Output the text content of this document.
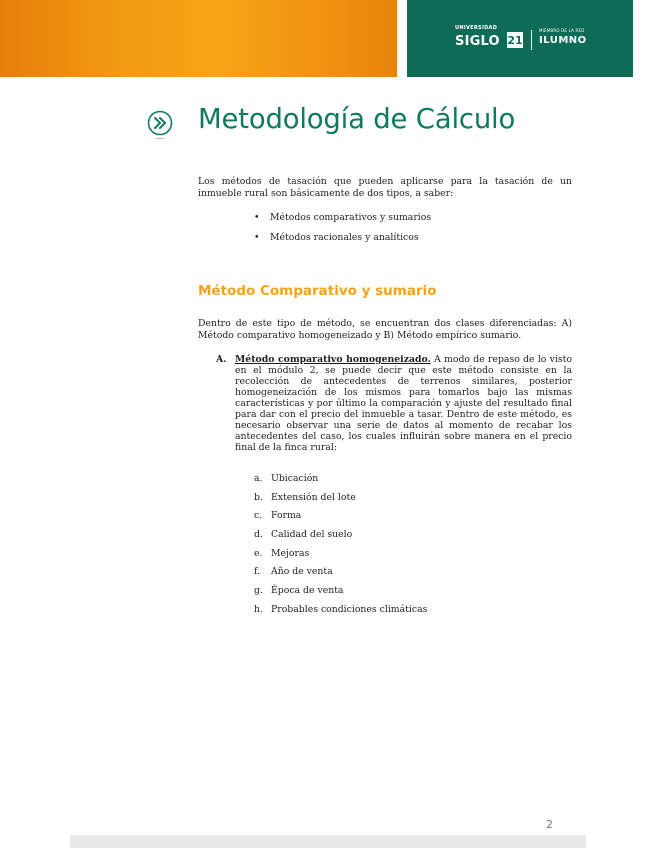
UNIVERSIDAD
SIGLO 21
MIEMBRO DE LA RED
ILUMNO
Metodología de Cálculo
Los métodos de tasación que pueden aplicarse para la tasación de un inmueble rural son básicamente de dos tipos, a saber:
• Métodos comparativos y sumarios
• Métodos racionales y analíticos
Método Comparativo y sumario
Dentro de este tipo de método, se encuentran dos clases diferenciadas: A) Método comparativo homogeneizado y B) Método empírico sumario.
A. Método comparativo homogeneizado. A modo de repaso de lo visto en el módulo 2, se puede decir que este método consiste en la recolección de antecedentes de terrenos similares, posterior homogeneización de los mismos para tomarlos bajo las mismas características y por último la comparación y ajuste del resultado final para dar con el precio del inmueble a tasar. Dentro de este método, es necesario observar una serie de datos al momento de recabar los antecedentes del caso, los cuales influirán sobre manera en el precio final de la finca rural:
a. Ubicación
b. Extensión del lote
c. Forma
d. Calidad del suelo
e. Mejoras
f. Año de venta
g. Época de venta
h. Probables condiciones climáticas
2
